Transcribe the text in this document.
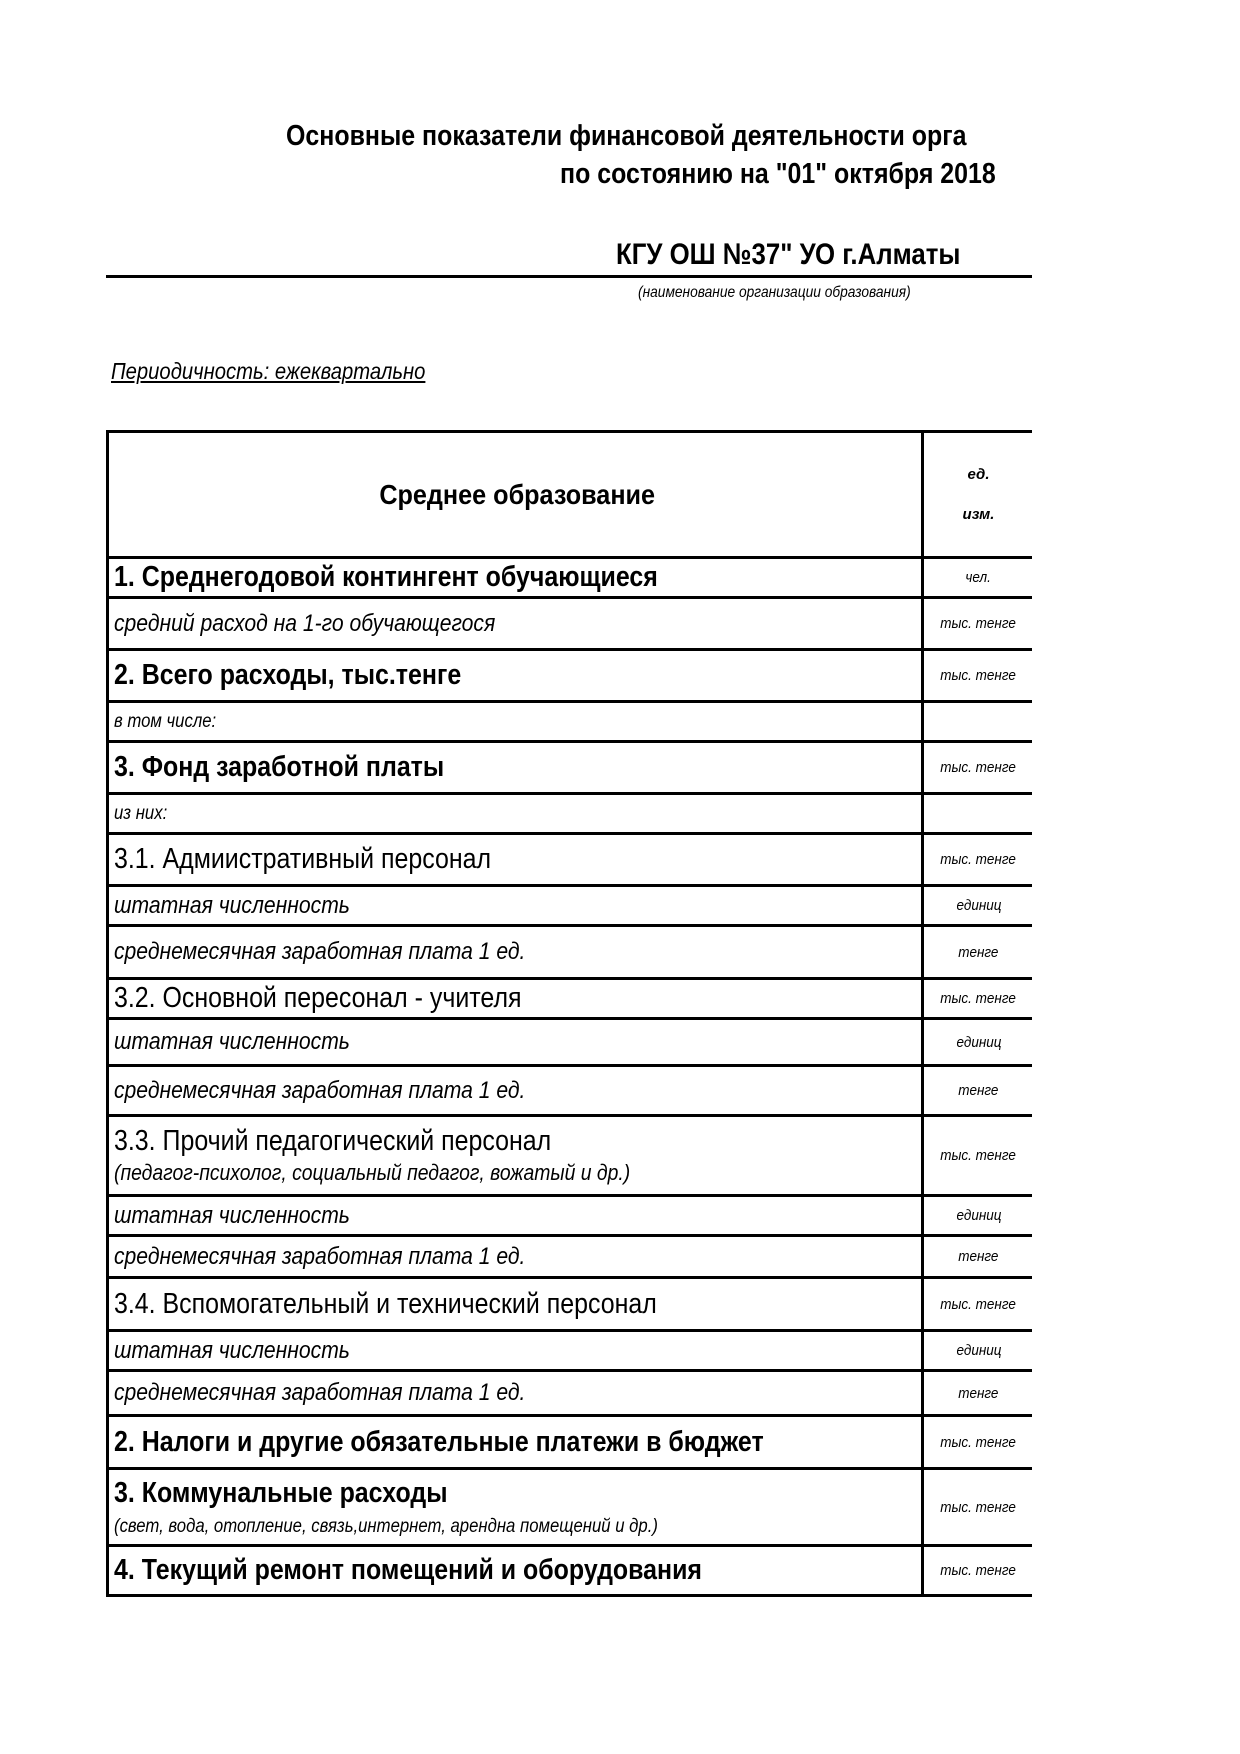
Основные показатели финансовой деятельности орга
по состоянию на "01" октября 2018
КГУ ОШ №37" УО г.Алматы
(наименование организации образования)
Периодичность: ежеквартально
Среднее образование	ед.
изм.

1. Среднегодовой контингент обучающиеся	чел.
средний расход на 1-го обучающегося	тыс. тенге
2. Всего расходы, тыс.тенге	тыс. тенге
в том числе:	
3. Фонд заработной платы	тыс. тенге
из них:	
3.1. Адмиистративный персонал	тыс. тенге
штатная численность	единиц
среднемесячная заработная плата 1 ед.	тенге
3.2. Основной пересонал - учителя	тыс. тенге
штатная численность	единиц
среднемесячная заработная плата 1 ед.	тенге
3.3. Прочий педагогический персонал
(педагог-психолог, социальный педагог, вожатый и др.)	тыс. тенге
штатная численность	единиц
среднемесячная заработная плата 1 ед.	тенге
3.4. Вспомогательный и технический персонал	тыс. тенге
штатная численность	единиц
среднемесячная заработная плата 1 ед.	тенге
2. Налоги и другие обязательные платежи в бюджет	тыс. тенге
3. Коммунальные расходы
(свет, вода, отопление, связь,интернет, арендна помещений и др.)	тыс. тенге
4. Текущий ремонт помещений и оборудования	тыс. тенге
